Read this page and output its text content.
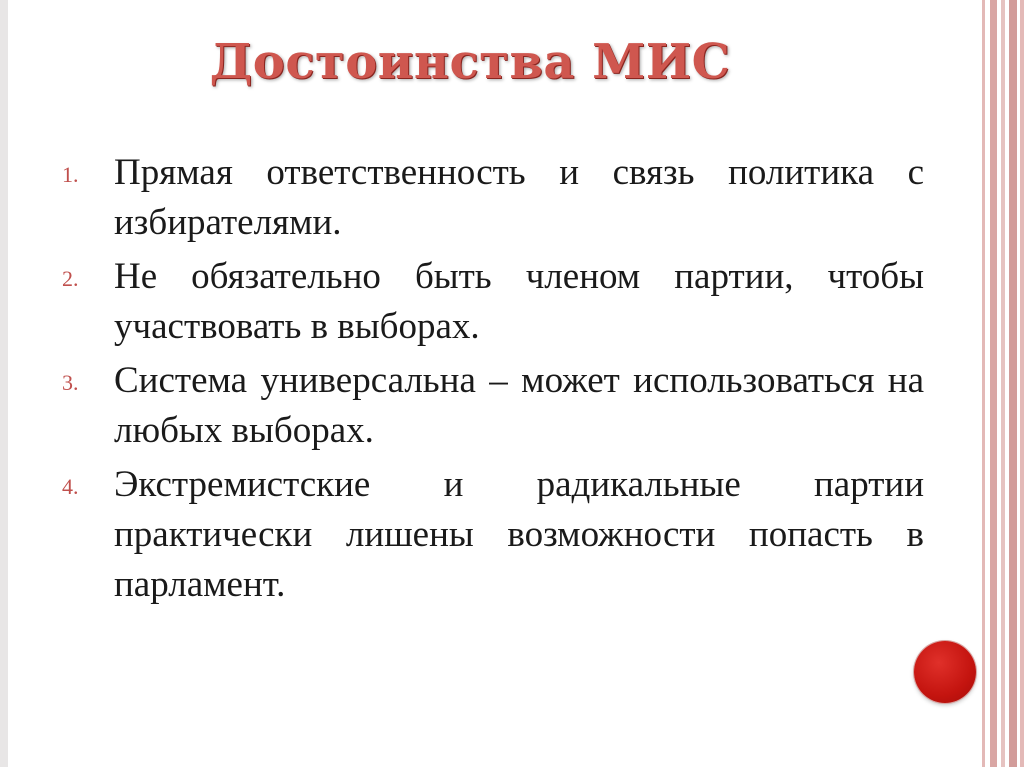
Достоинства МИС
1. Прямая ответственность и связь политика с избирателями.
2. Не обязательно быть членом партии, чтобы участвовать в выборах.
3. Система универсальна – может использоваться на любых выборах.
4. Экстремистские и радикальные партии практически лишены возможности попасть в парламент.
